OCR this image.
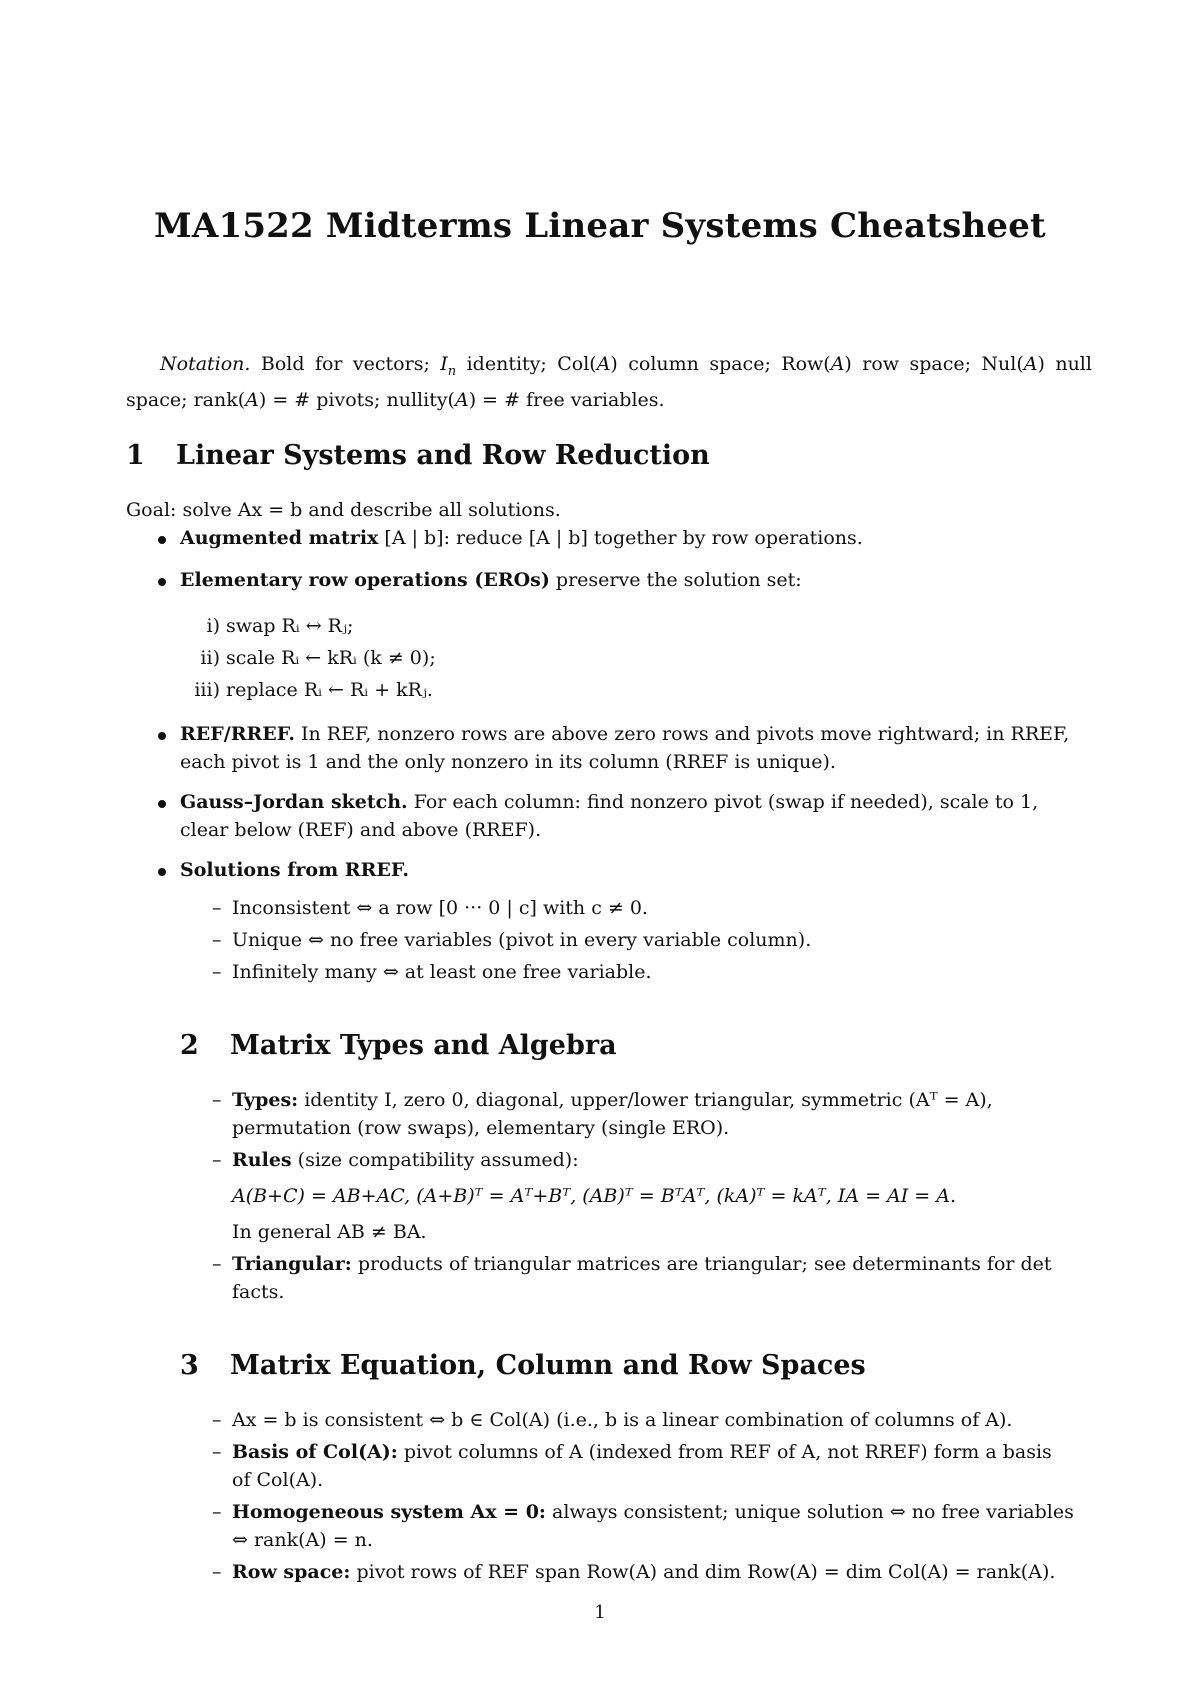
MA1522 Midterms Linear Systems Cheatsheet
Notation. Bold for vectors; $I_n$ identity; Col(A) column space; Row(A) row space; Nul(A) null space; rank(A) = # pivots; nullity(A) = # free variables.
1 Linear Systems and Row Reduction
Goal: solve Ax = b and describe all solutions.
Augmented matrix [A | b]: reduce [A | b] together by row operations.
Elementary row operations (EROs) preserve the solution set:
i) swap Rᵢ ↔ Rⱼ;
ii) scale Rᵢ ← kRᵢ (k ≠ 0);
iii) replace Rᵢ ← Rᵢ + kRⱼ.
REF/RREF. In REF, nonzero rows are above zero rows and pivots move rightward; in RREF,
each pivot is 1 and the only nonzero in its column (RREF is unique).
Gauss–Jordan sketch. For each column: find nonzero pivot (swap if needed), scale to 1,
clear below (REF) and above (RREF).
Solutions from RREF.
– Inconsistent ⇔ a row [0 ··· 0 | c] with c ≠ 0.
– Unique ⇔ no free variables (pivot in every variable column).
– Infinitely many ⇔ at least one free variable.
2 Matrix Types and Algebra
– Types: identity I, zero 0, diagonal, upper/lower triangular, symmetric (Aᵀ = A),
permutation (row swaps), elementary (single ERO).
– Rules (size compatibility assumed):
A(B+C) = AB+AC, (A+B)ᵀ = Aᵀ+Bᵀ, (AB)ᵀ = BᵀAᵀ, (kA)ᵀ = kAᵀ, IA = AI = A.
In general AB ≠ BA.
– Triangular: products of triangular matrices are triangular; see determinants for det
facts.
3 Matrix Equation, Column and Row Spaces
– Ax = b is consistent ⇔ b ∈ Col(A) (i.e., b is a linear combination of columns of A).
– Basis of Col(A): pivot columns of A (indexed from REF of A, not RREF) form a basis
of Col(A).
– Homogeneous system Ax = 0: always consistent; unique solution ⇔ no free variables
⇔ rank(A) = n.
– Row space: pivot rows of REF span Row(A) and dim Row(A) = dim Col(A) = rank(A).
1
